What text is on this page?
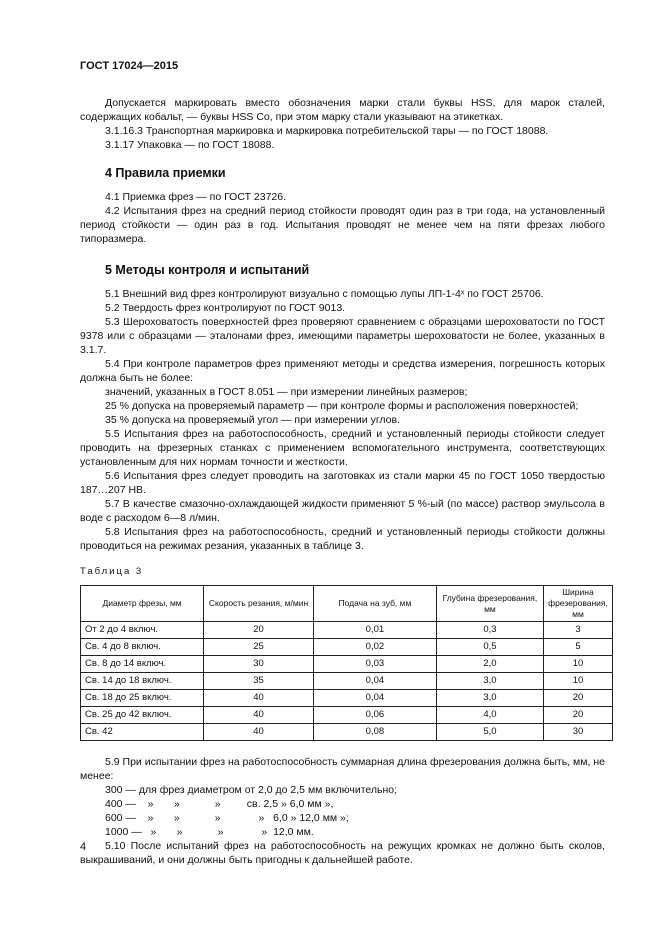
ГОСТ 17024—2015

Допускается маркировать вместо обозначения марки стали буквы HSS, для марок сталей, содержащих кобальт, — буквы HSS Co, при этом марку стали указывают на этикетках.

3.1.16.3 Транспортная маркировка и маркировка потребительской тары — по ГОСТ 18088.

3.1.17 Упаковка — по ГОСТ 18088.

4 Правила приемки

4.1 Приемка фрез — по ГОСТ 23726.

4.2 Испытания фрез на средний период стойкости проводят один раз в три года, на установленный период стойкости — один раз в год. Испытания проводят не менее чем на пяти фрезах любого типоразмера.

5 Методы контроля и испытаний

5.1 Внешний вид фрез контролируют визуально с помощью лупы ЛП-1-4ˣ по ГОСТ 25706.

5.2 Твердость фрез контролируют по ГОСТ 9013.

5.3 Шероховатость поверхностей фрез проверяют сравнением с образцами шероховатости по ГОСТ 9378 или с образцами — эталонами фрез, имеющими параметры шероховатости не более, указанных в 3.1.7.

5.4 При контроле параметров фрез применяют методы и средства измерения, погрешность которых должна быть не более:

значений, указанных в ГОСТ 8.051 — при измерении линейных размеров;

25 % допуска на проверяемый параметр — при контроле формы и расположения поверхностей;

35 % допуска на проверяемый угол — при измерении углов.

5.5 Испытания фрез на работоспособность, средний и установленный периоды стойкости следует проводить на фрезерных станках с применением вспомогательного инструмента, соответствующих установленным для них нормам точности и жесткости.

5.6 Испытания фрез следует проводить на заготовках из стали марки 45 по ГОСТ 1050 твердостью 187…207 НВ.

5.7 В качестве смазочно-охлаждающей жидкости применяют 5 %-ый (по массе) раствор эмульсола в воде с расходом 6—8 л/мин.

5.8 Испытания фрез на работоспособность, средний и установленный периоды стойкости должны проводиться на режимах резания, указанных в таблице 3.

Таблица 3
Диаметр фрезы, мм	Скорость резания, м/мин	Подача на зуб, мм	Глубина фрезерования, мм	Ширина фрезерования, мм
От 2 до 4 включ.	20	0,01	0,3	3
Св. 4 до 8 включ.	25	0,02	0,5	5
Св. 8 до 14 включ.	30	0,03	2,0	10
Св. 14 до 18 включ.	35	0,04	3,0	10
Св. 18 до 25 включ.	40	0,04	3,0	20
Св. 25 до 42 включ.	40	0,06	4,0	20
Св. 42	40	0,08	5,0	30

5.9 При испытании фрез на работоспособность суммарная длина фрезерования должна быть, мм, не менее:

300 — для фрез диаметром от 2,0 до 2,5 мм включительно;

400 —    »       »            »         св. 2,5 » 6,0 мм »,

600 —    »       »            »             »   6,0 » 12,0 мм »;

1000 —   »       »            »             »  12,0 мм.

5.10 После испытаний фрез на работоспособность на режущих кромках не должно быть сколов, выкрашиваний, и они должны быть пригодны к дальнейшей работе.

4
